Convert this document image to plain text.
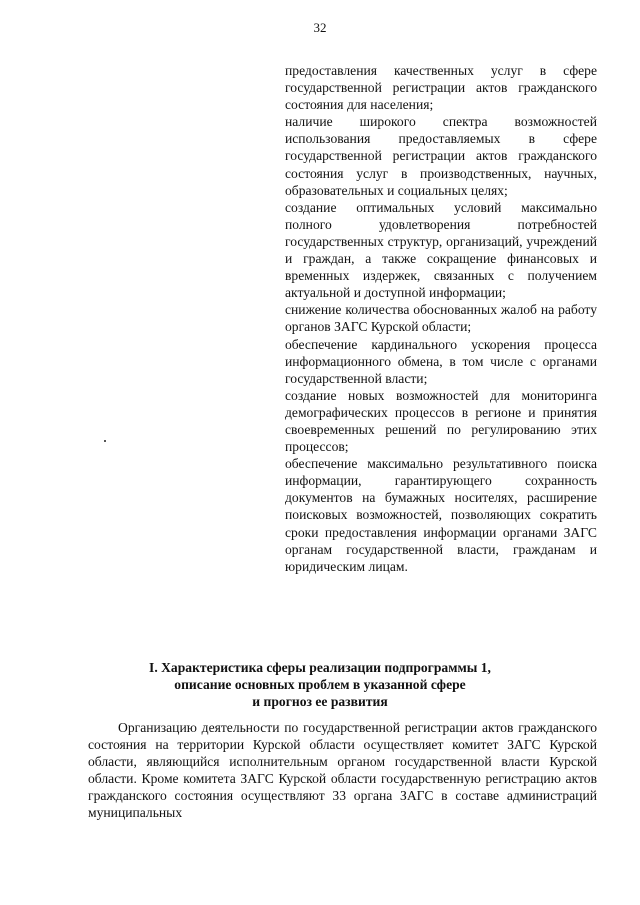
32

предоставления качественных услуг в сфере государственной регистрации актов гражданского состояния для населения;

наличие широкого спектра возможностей использования предоставляемых в сфере государственной регистрации актов гражданского состояния услуг в производственных, научных, образовательных и социальных целях;

создание оптимальных условий максимально полного удовлетворения потребностей государственных структур, организаций, учреждений и граждан, а также сокращение финансовых и временных издержек, связанных с получением актуальной и доступной информации;

снижение количества обоснованных жалоб на работу органов ЗАГС Курской области;

обеспечение кардинального ускорения процесса информационного обмена, в том числе с органами государственной власти;

создание новых возможностей для мониторинга демографических процессов в регионе и принятия своевременных решений по регулированию этих процессов;

обеспечение максимально результативного поиска информации, гарантирующего сохранность документов на бумажных носителях, расширение поисковых возможностей, позволяющих сократить сроки предоставления информации органами ЗАГС органам государственной власти, гражданам и юридическим лицам.

I. Характеристика сферы реализации подпрограммы 1,
описание основных проблем в указанной сфере
и прогноз ее развития

Организацию деятельности по государственной регистрации актов гражданского состояния на территории Курской области осуществляет комитет ЗАГС Курской области, являющийся исполнительным органом государственной власти Курской области. Кроме комитета ЗАГС Курской области государственную регистрацию актов гражданского состояния осуществляют 33 органа ЗАГС в составе администраций муниципальных
